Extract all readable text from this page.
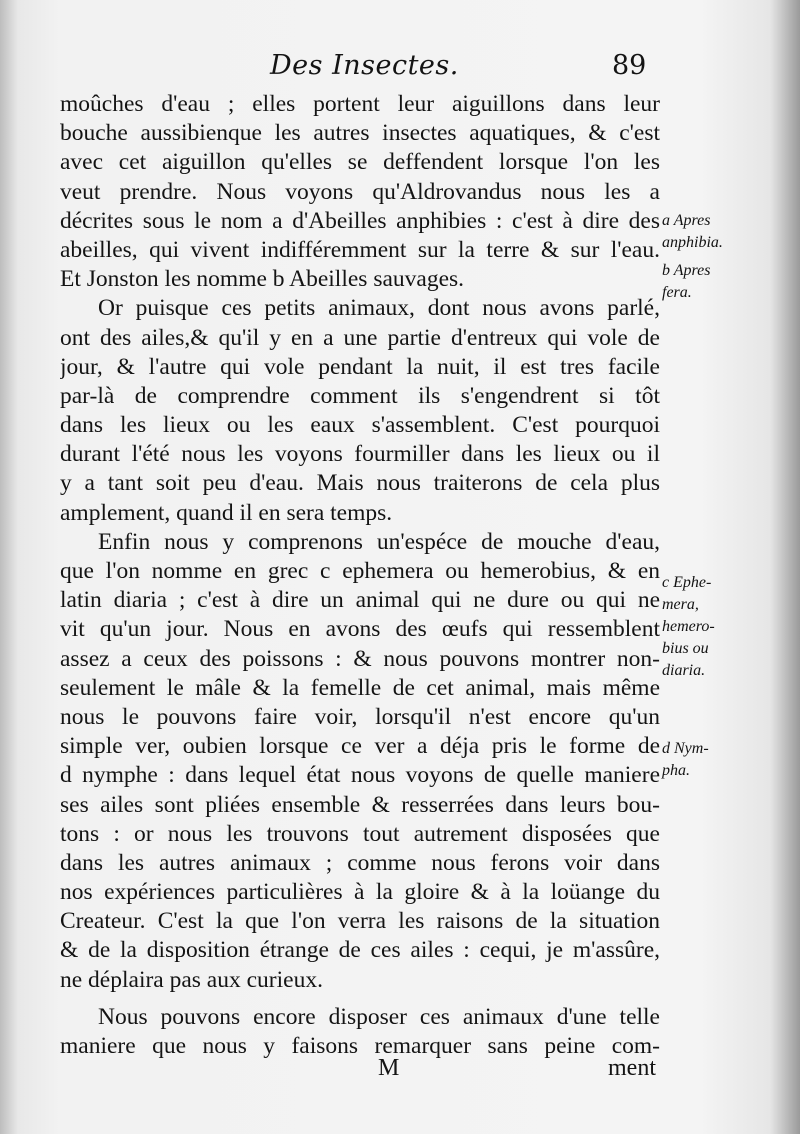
Des Insectes.	89
moûches d'eau ; elles portent leur aiguillons dans leur
bouche aussibienque les autres insectes aquatiques, & c'est
avec cet aiguillon qu'elles se deffendent lorsque l'on les
veut prendre. Nous voyons qu'Aldrovandus nous les a
décrites sous le nom a d'Abeilles anphibies : c'est à dire des
abeilles, qui vivent indifféremment sur la terre & sur l'eau.
Et Jonston les nomme b Abeilles sauvages.
Or puisque ces petits animaux, dont nous avons parlé,
ont des ailes,& qu'il y en a une partie d'entreux qui vole de
jour, & l'autre qui vole pendant la nuit, il est tres facile
par-là de comprendre comment ils s'engendrent si tôt
dans les lieux ou les eaux s'assemblent. C'est pourquoi
durant l'été nous les voyons fourmiller dans les lieux ou il
y a tant soit peu d'eau. Mais nous traiterons de cela plus
amplement, quand il en sera temps.
Enfin nous y comprenons un'espéce de mouche d'eau,
que l'on nomme en grec c ephemera ou hemerobius, & en
latin diaria ; c'est à dire un animal qui ne dure ou qui ne
vit qu'un jour. Nous en avons des œufs qui ressemblent
assez a ceux des poissons : & nous pouvons montrer non-
seulement le mâle & la femelle de cet animal, mais même
nous le pouvons faire voir, lorsqu'il n'est encore qu'un
simple ver, oubien lorsque ce ver a déja pris le forme de
d nymphe : dans lequel état nous voyons de quelle maniere
ses ailes sont pliées ensemble & resserrées dans leurs bou-
tons : or nous les trouvons tout autrement disposées que
dans les autres animaux ; comme nous ferons voir dans
nos expériences particulières à la gloire & à la loüange du
Createur. C'est la que l'on verra les raisons de la situation
& de la disposition étrange de ces ailes : cequi, je m'assûre,
ne déplaira pas aux curieux.
Nous pouvons encore disposer ces animaux d'une telle
maniere que nous y faisons remarquer sans peine com-
a Apres
anphibia.
b Apres
fera.
c Ephe-
mera,
hemero-
bius ou
diaria.
d Nym-
pha.
M	ment
